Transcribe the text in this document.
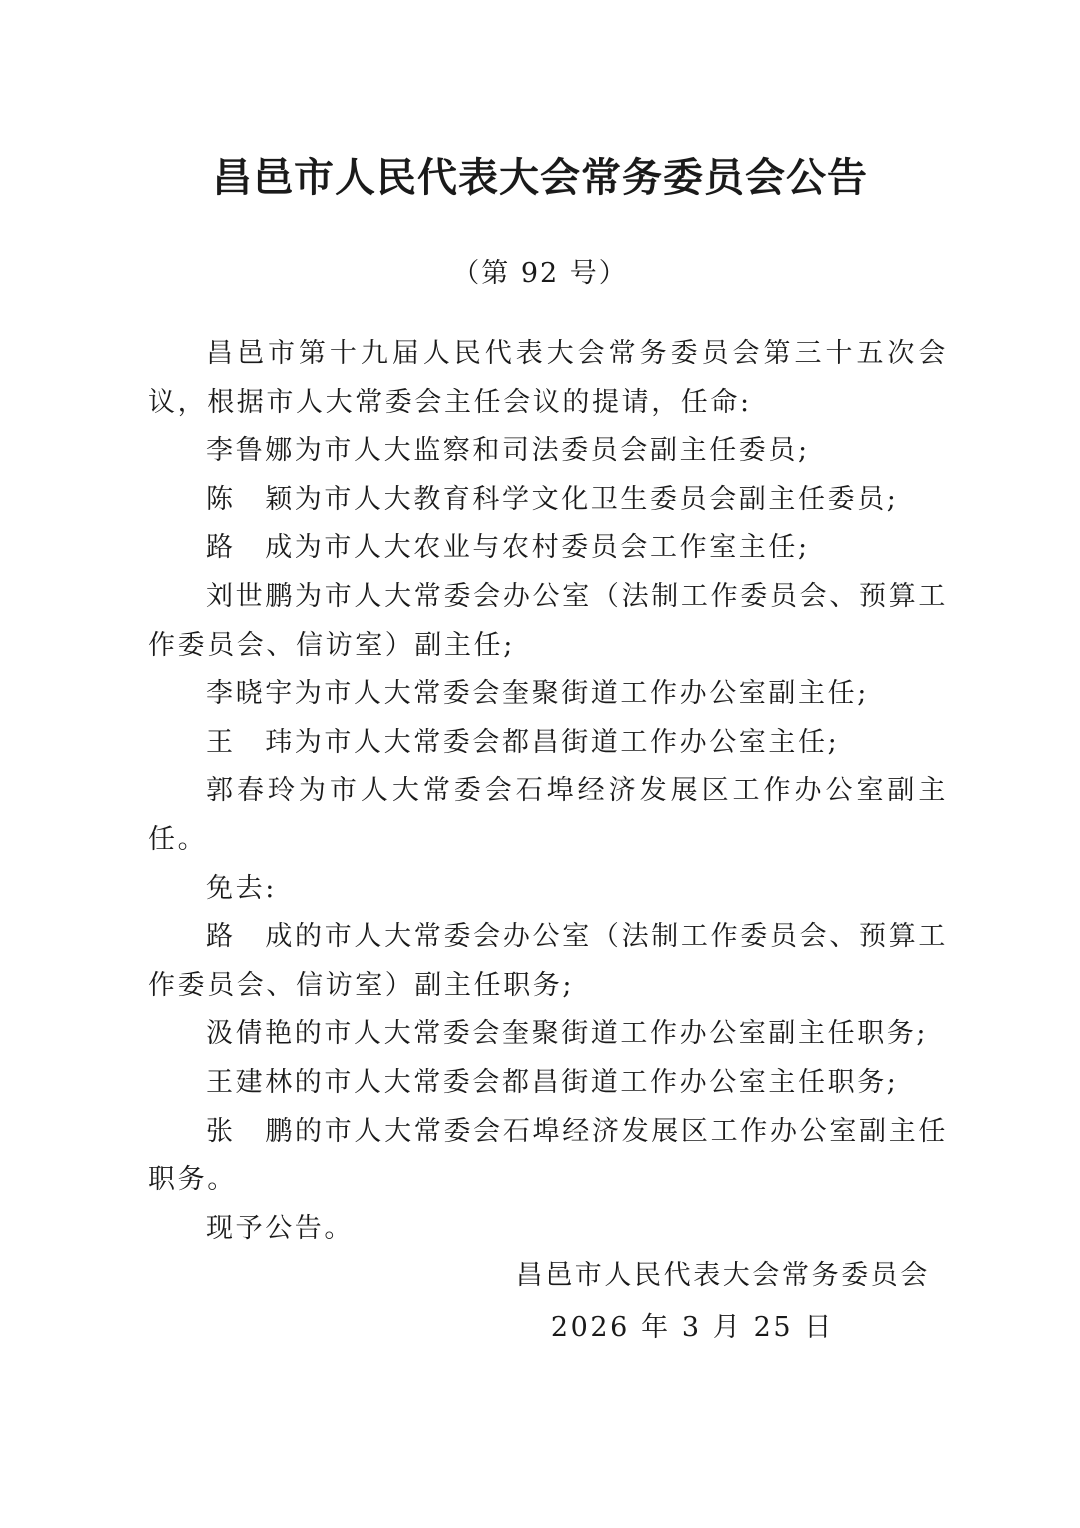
昌邑市人民代表大会常务委员会公告
（第 92 号）

昌邑市第十九届人民代表大会常务委员会第三十五次会议，根据市人大常委会主任会议的提请，任命:

李鲁娜为市人大监察和司法委员会副主任委员;

陈　颖为市人大教育科学文化卫生委员会副主任委员;

路　成为市人大农业与农村委员会工作室主任;

刘世鹏为市人大常委会办公室（法制工作委员会、预算工作委员会、信访室）副主任;

李晓宇为市人大常委会奎聚街道工作办公室副主任;

王　玮为市人大常委会都昌街道工作办公室主任;

郭春玲为市人大常委会石埠经济发展区工作办公室副主任。

免去:

路　成的市人大常委会办公室（法制工作委员会、预算工作委员会、信访室）副主任职务;

汲倩艳的市人大常委会奎聚街道工作办公室副主任职务;

王建林的市人大常委会都昌街道工作办公室主任职务;

张　鹏的市人大常委会石埠经济发展区工作办公室副主任职务。

现予公告。

昌邑市人民代表大会常务委员会
2026 年 3 月 25 日
